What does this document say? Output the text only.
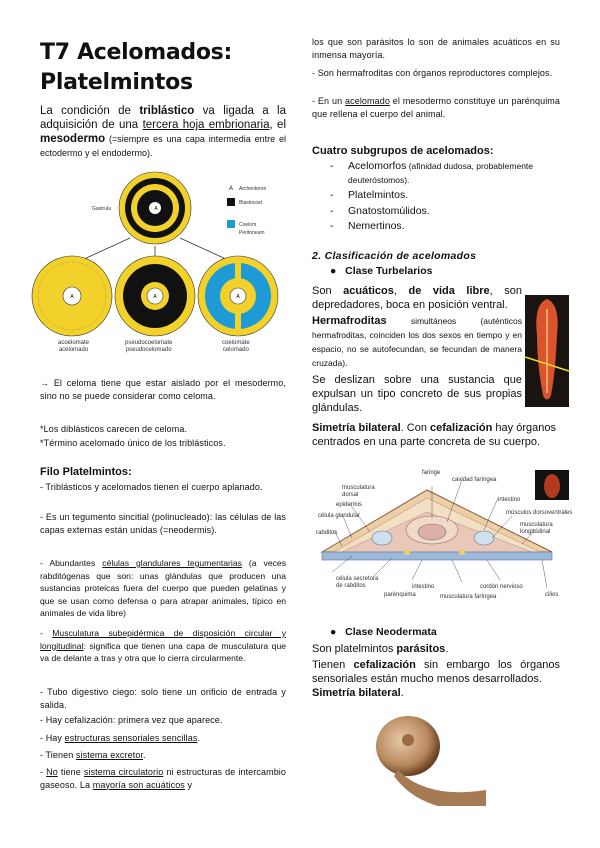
T7 Acelomados:
Platelmintos
La condición de triblástico va ligada a la adquisición de una tercera hoja embrionaria, el mesodermo (=siempre es una capa intermedia entre el ectodermo y el endodermo).
A
Gastrula
A Archenteron
Blastocoel
Coelom
Peritoneum
A	A	A
acoelomate
acelomado
pseudocoelomate
pseudocelomado
coelomate
celomado
→ El celoma tiene que estar aislado por el mesodermo, sino no se puede considerar como celoma.
*Los diblásticos carecen de celoma.
*Término acelomado único de los triblásticos.
Filo Platelmintos:
- Triblásticos y acelomados tienen el cuerpo aplanado.
- Es un tegumento sincitial (polinucleado): las células de las capas externas están unidas (=neodermis).
- Abundantes células glandulares tegumentarias (a veces rabditógenas que son: unas glándulas que producen una sustancias proteicas fuera del cuerpo que pueden gelatinas y que se usan como defensa o para atrapar animales, típico en animales de vida libre)
- Musculatura subepidérmica de disposición circular y longitudinal: significa que tienen una capa de musculatura que va de delante a tras y otra que lo cierra circularmente.
- Tubo digestivo ciego: solo tiene un orificio de entrada y salida.
- Hay cefalización: primera vez que aparece.
- Hay estructuras sensoriales sencillas.
- Tienen sistema excretor.
- No tiene sistema circulatorio ni estructuras de intercambio gaseoso. La mayoría son acuáticos y
los que son parásitos lo son de animales acuáticos en su inmensa mayoría.
- Son hermafroditas con órganos reproductores complejos.
- En un acelomado el mesodermo constituye un parénquima que rellena el cuerpo del animal.
Cuatro subgrupos de acelomados:
-	Acelomorfos (afinidad dudosa, probablemente deuteróstomos).
-	Platelmintos.
-	Gnatostomúlidos.
-	Nemertinos.
2. Clasificación de acelomados
● Clase Turbelarios
Son acuáticos, de vida libre, son depredadores, boca en posición ventral.
Hermafroditas simultáneos (auténticos hermafroditas, coinciden los dos sexos en tiempo y en espacio, no se autofecundan, se fecundan de manera cruzada).
Se deslizan sobre una sustancia que expulsan un tipo concreto de sus propias glándulas.
Simetría bilateral. Con cefalización hay órganos centrados en una parte concreta de su cuerpo.
faringe
cavidad faríngea
musculatura dorsal
epidermis
célula glandular
intestino
músculos dorsoventrales
rabditos
musculatura longitudinal
célula secretora de rabditos
parénquima
intestino
musculatura faríngea
cordón nervioso
cilios
● Clase Neodermata
Son platelmintos parásitos.
Tienen cefalización sin embargo los órganos sensoriales están mucho menos desarrollados.
Simetría bilateral.
